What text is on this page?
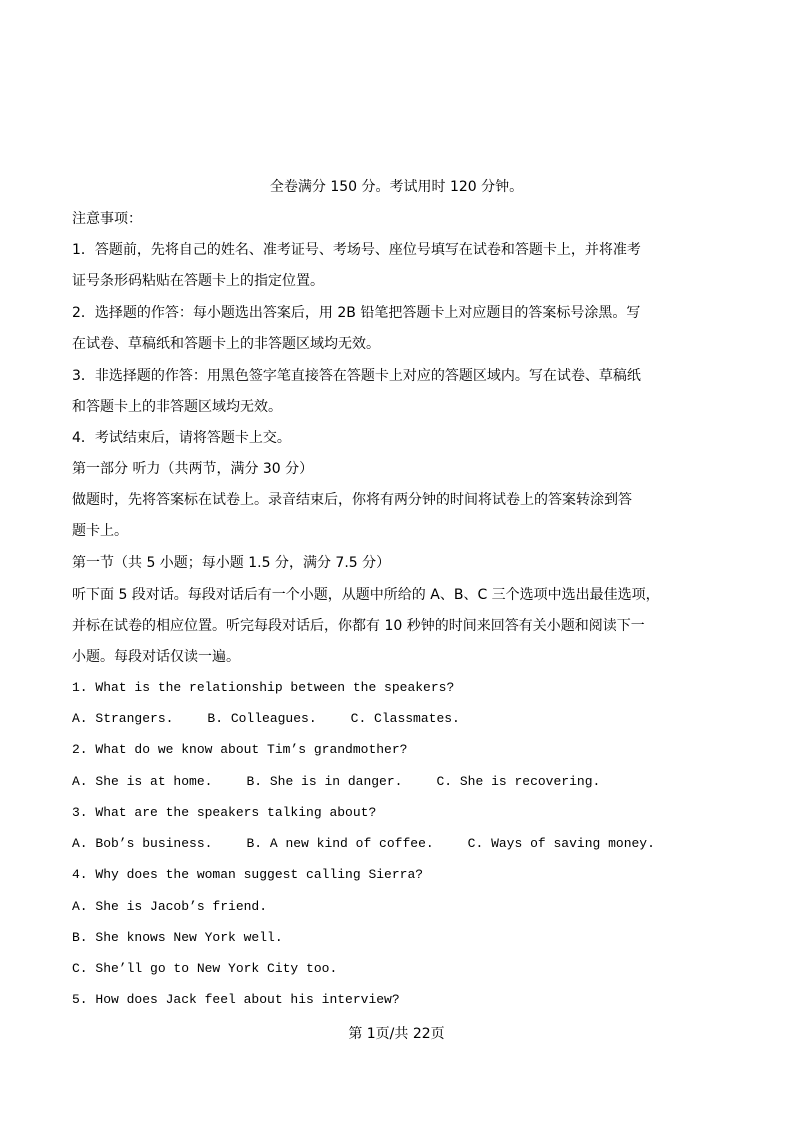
全卷满分 150 分。考试用时 120 分钟。
注意事项：
1．答题前，先将自己的姓名、准考证号、考场号、座位号填写在试卷和答题卡上，并将准考
证号条形码粘贴在答题卡上的指定位置。
2．选择题的作答：每小题选出答案后，用 2B 铅笔把答题卡上对应题目的答案标号涂黑。写
在试卷、草稿纸和答题卡上的非答题区域均无效。
3．非选择题的作答：用黑色签字笔直接答在答题卡上对应的答题区域内。写在试卷、草稿纸
和答题卡上的非答题区域均无效。
4．考试结束后，请将答题卡上交。
第一部分 听力（共两节，满分 30 分）
做题时，先将答案标在试卷上。录音结束后，你将有两分钟的时间将试卷上的答案转涂到答
题卡上。
第一节（共 5 小题；每小题 1.5 分，满分 7.5 分）
听下面 5 段对话。每段对话后有一个小题，从题中所给的 A、B、C 三个选项中选出最佳选项，
并标在试卷的相应位置。听完每段对话后，你都有 10 秒钟的时间来回答有关小题和阅读下一
小题。每段对话仅读一遍。
1. What is the relationship between the speakers?
A. Strangers.	B. Colleagues.	C. Classmates.
2. What do we know about Tim’s grandmother?
A. She is at home.	B. She is in danger.	C. She is recovering.
3. What are the speakers talking about?
A. Bob’s business.	B. A new kind of coffee.	C. Ways of saving money.
4. Why does the woman suggest calling Sierra?
A. She is Jacob’s friend.
B. She knows New York well.
C. She’ll go to New York City too.
5. How does Jack feel about his interview?
第 1页/共 22页
